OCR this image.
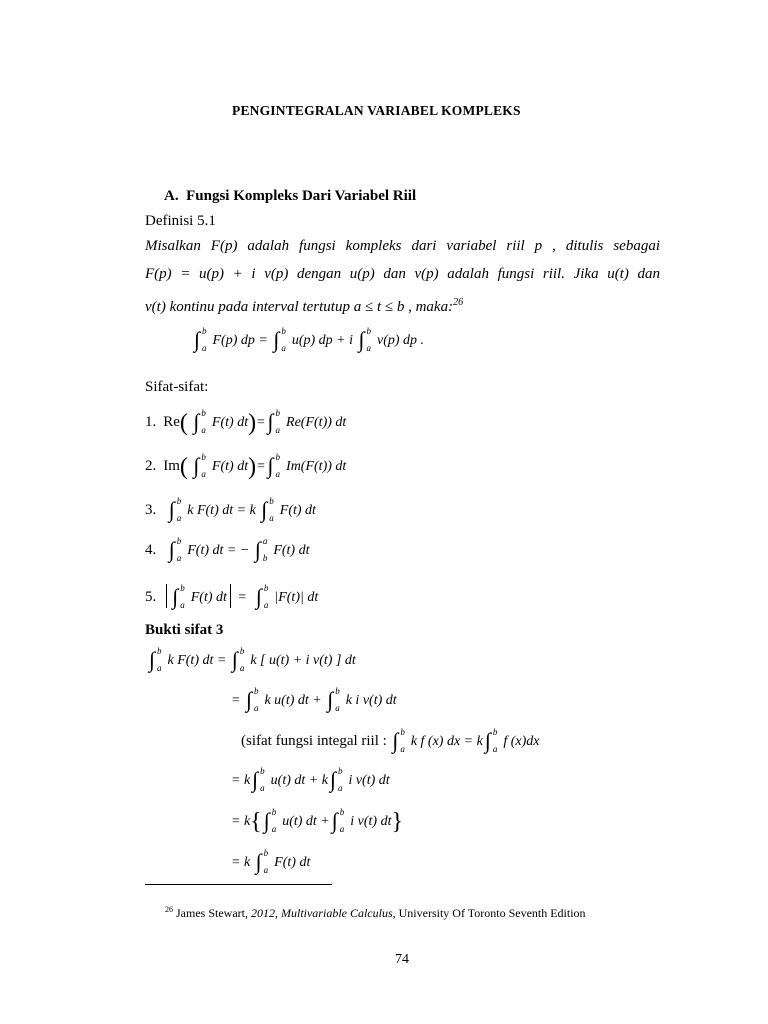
PENGINTEGRALAN VARIABEL KOMPLEKS
A. Fungsi Kompleks Dari Variabel Riil
Definisi 5.1
Misalkan F(p) adalah fungsi kompleks dari variabel riil p , ditulis sebagai
F(p) = u(p) + i v(p) dengan u(p) dan v(p) adalah fungsi riil. Jika u(t) dan
v(t) kontinu pada interval tertutup a ≤ t ≤ b , maka:$^{26}$
∫ b
a F(p) dp = ∫ b
a u(p) dp + i ∫ b
a v(p) dp .
Sifat-sifat:
1. Re( ∫ b
a F(t) dt)=∫ b
a Re(F(t)) dt
2. Im( ∫ b
a F(t) dt)=∫ b
a Im(F(t)) dt
3. ∫ b
a k F(t) dt = k ∫ b
a F(t) dt
4. ∫ b
a F(t) dt = − ∫ a
b F(t) dt
5. ∫ b
a F(t) dt = ∫ b
a |F(t)| dt
Bukti sifat 3
∫ b
a k F(t) dt = ∫ b
a k [ u(t) + i v(t) ] dt
= ∫ b
a k u(t) dt + ∫ b
a k i v(t) dt
(sifat fungsi integal riil : ∫ b
a k f (x) dx = k∫ b
a f (x)dx
= k∫ b
a u(t) dt + k∫ b
a i v(t) dt
= k{∫ b
a u(t) dt +∫ b
a i v(t) dt}
= k ∫ b
a F(t) dt
$^{26}$ James Stewart, 2012, Multivariable Calculus, University Of Toronto Seventh Edition
74
